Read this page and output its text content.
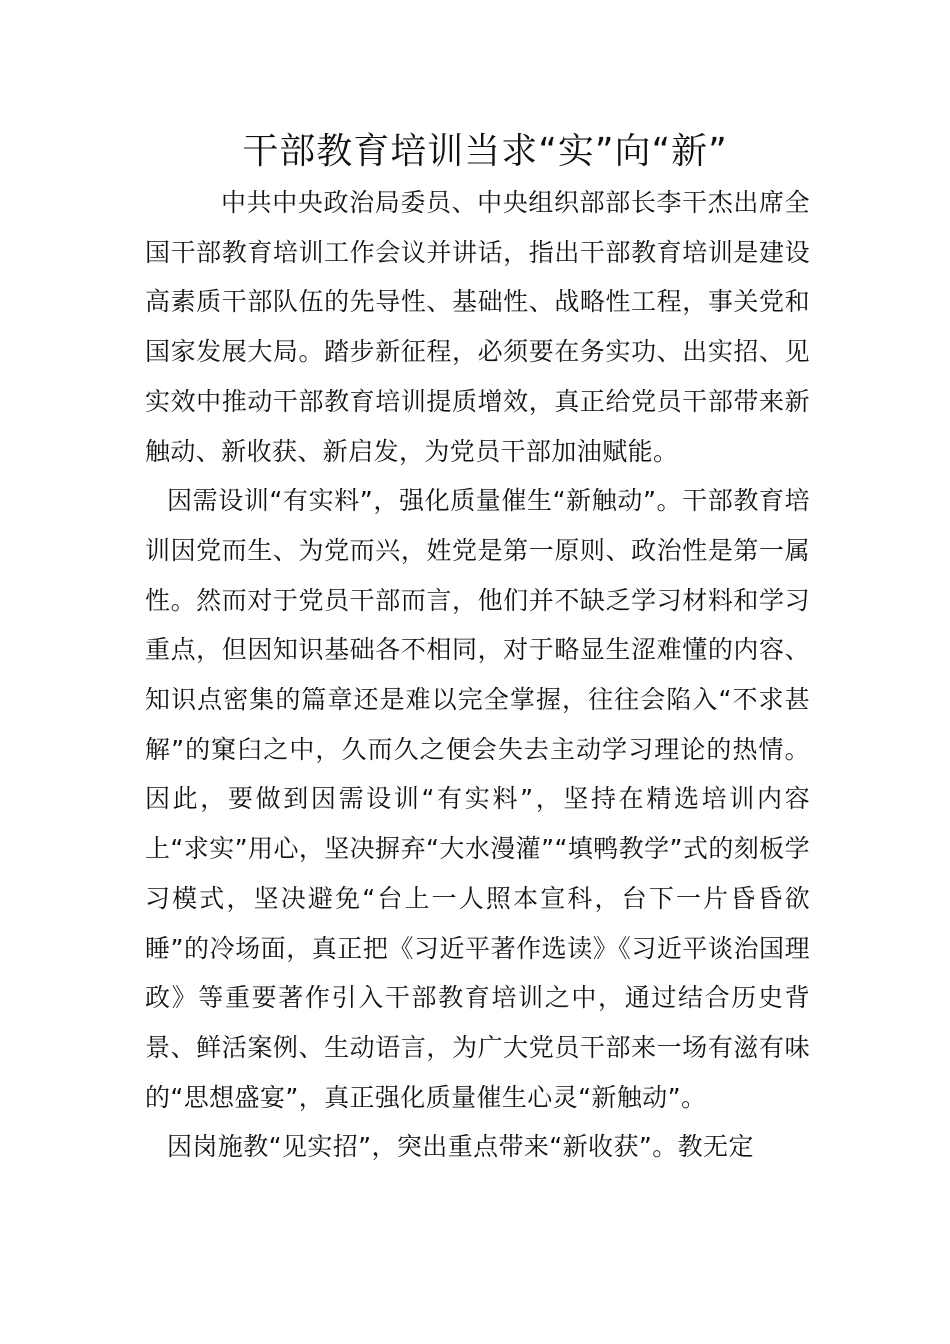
干部教育培训当求“实”向“新”

中共中央政治局委员、中央组织部部长李干杰出席全国干部教育培训工作会议并讲话，指出干部教育培训是建设高素质干部队伍的先导性、基础性、战略性工程，事关党和国家发展大局。踏步新征程，必须要在务实功、出实招、见实效中推动干部教育培训提质增效，真正给党员干部带来新触动、新收获、新启发，为党员干部加油赋能。

因需设训“有实料”，强化质量催生“新触动”。干部教育培训因党而生、为党而兴，姓党是第一原则、政治性是第一属性。然而对于党员干部而言，他们并不缺乏学习材料和学习重点，但因知识基础各不相同，对于略显生涩难懂的内容、知识点密集的篇章还是难以完全掌握，往往会陷入“不求甚解”的窠臼之中，久而久之便会失去主动学习理论的热情。因此，要做到因需设训“有实料”，坚持在精选培训内容上“求实”用心，坚决摒弃“大水漫灌”“填鸭教学”式的刻板学习模式，坚决避免“台上一人照本宣科，台下一片昏昏欲睡”的冷场面，真正把《习近平著作选读》《习近平谈治国理政》等重要著作引入干部教育培训之中，通过结合历史背景、鲜活案例、生动语言，为广大党员干部来一场有滋有味的“思想盛宴”，真正强化质量催生心灵“新触动”。

因岗施教“见实招”，突出重点带来“新收获”。教无定
